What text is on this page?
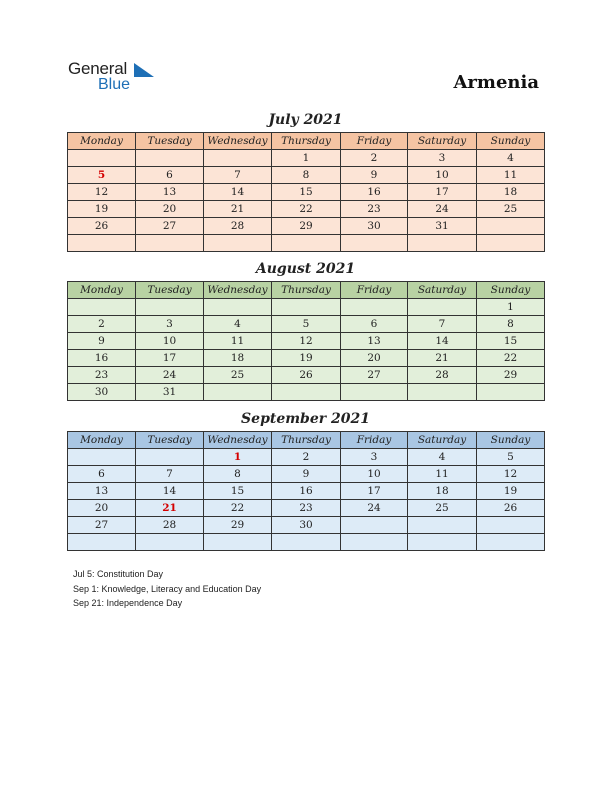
General
Blue	Armenia
July 2021
Monday	Tuesday	Wednesday	Thursday	Friday	Saturday	Sunday
			1	2	3	4
5	6	7	8	9	10	11
12	13	14	15	16	17	18
19	20	21	22	23	24	25
26	27	28	29	30	31	

August 2021
Monday	Tuesday	Wednesday	Thursday	Friday	Saturday	Sunday
						1
2	3	4	5	6	7	8
9	10	11	12	13	14	15
16	17	18	19	20	21	22
23	24	25	26	27	28	29
30	31					
September 2021
Monday	Tuesday	Wednesday	Thursday	Friday	Saturday	Sunday
		1	2	3	4	5
6	7	8	9	10	11	12
13	14	15	16	17	18	19
20	21	22	23	24	25	26
27	28	29	30			

Jul 5: Constitution Day
Sep 1: Knowledge, Literacy and Education Day
Sep 21: Independence Day
